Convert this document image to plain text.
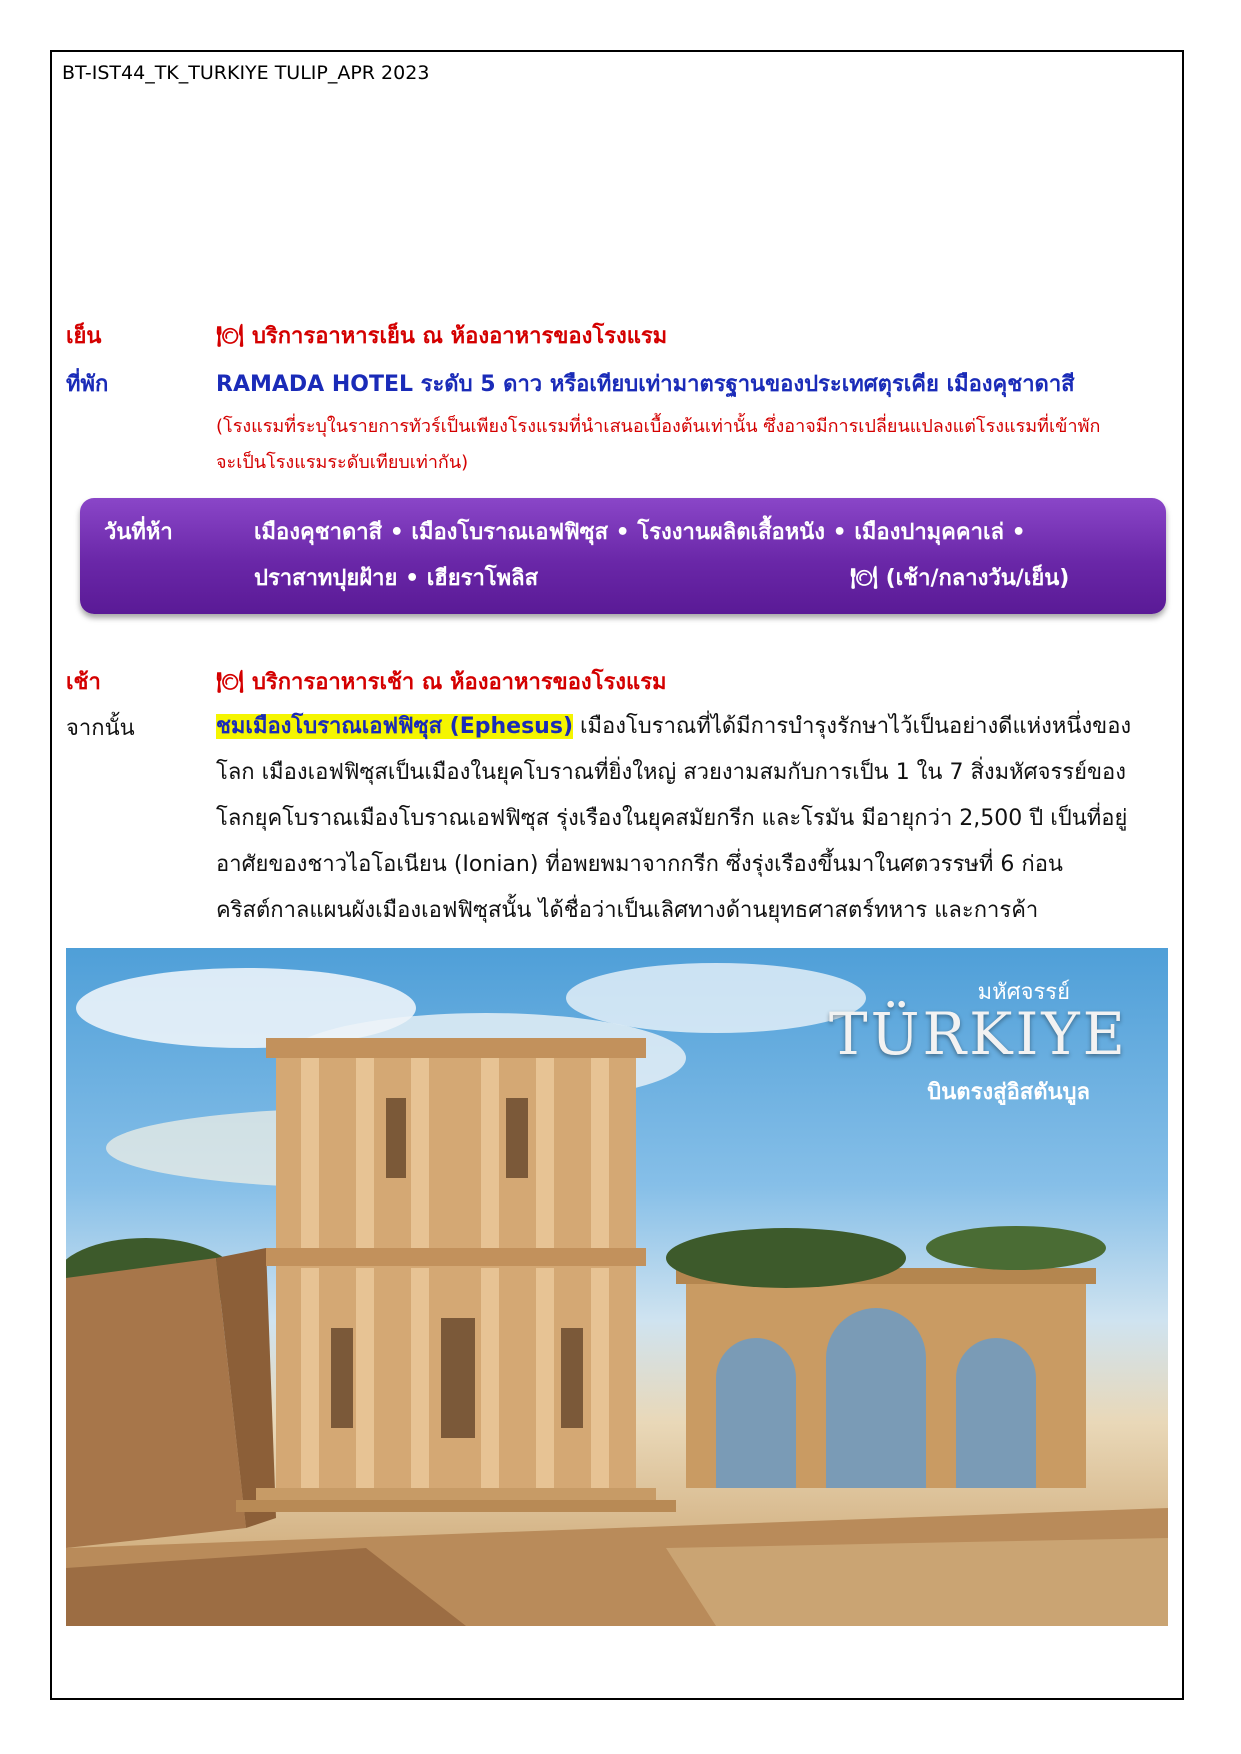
BT-IST44_TK_TURKIYE TULIP_APR 2023
เย็น	🍽 บริการอาหารเย็น ณ ห้องอาหารของโรงแรม
ที่พัก	RAMADA HOTEL ระดับ 5 ดาว หรือเทียบเท่ามาตรฐานของประเทศตุรเคีย เมืองคุชาดาสี
(โรงแรมที่ระบุในรายการทัวร์เป็นเพียงโรงแรมที่นำเสนอเบื้องต้นเท่านั้น ซึ่งอาจมีการเปลี่ยนแปลงแต่โรงแรมที่เข้าพัก
จะเป็นโรงแรมระดับเทียบเท่ากัน)
วันที่ห้า	เมืองคุชาดาสี • เมืองโบราณเอฟฟิซุส • โรงงานผลิตเสื้อหนัง • เมืองปามุคคาเล่ •
ปราสาทปุยฝ้าย • เฮียราโพลิส	🍽 (เช้า/กลางวัน/เย็น)
เช้า	🍽 บริการอาหารเช้า ณ ห้องอาหารของโรงแรม
จากนั้น	ชมเมืองโบราณเอฟฟิซุส (Ephesus) เมืองโบราณที่ได้มีการบำรุงรักษาไว้เป็นอย่างดีแห่งหนึ่งของ
โลก เมืองเอฟฟิซุสเป็นเมืองในยุคโบราณที่ยิ่งใหญ่ สวยงามสมกับการเป็น 1 ใน 7 สิ่งมหัศจรรย์ของ
โลกยุคโบราณเมืองโบราณเอฟฟิซุส รุ่งเรืองในยุคสมัยกรีก และโรมัน มีอายุกว่า 2,500 ปี เป็นที่อยู่
อาศัยของชาวไอโอเนียน (Ionian) ที่อพยพมาจากกรีก ซึ่งรุ่งเรืองขึ้นมาในศตวรรษที่ 6 ก่อน
คริสต์กาลแผนผังเมืองเอฟฟิซุสนั้น ได้ชื่อว่าเป็นเลิศทางด้านยุทธศาสตร์ทหาร และการค้า
มหัศจรรย์
TÜRKIYE
บินตรงสู่อิสตันบูล
